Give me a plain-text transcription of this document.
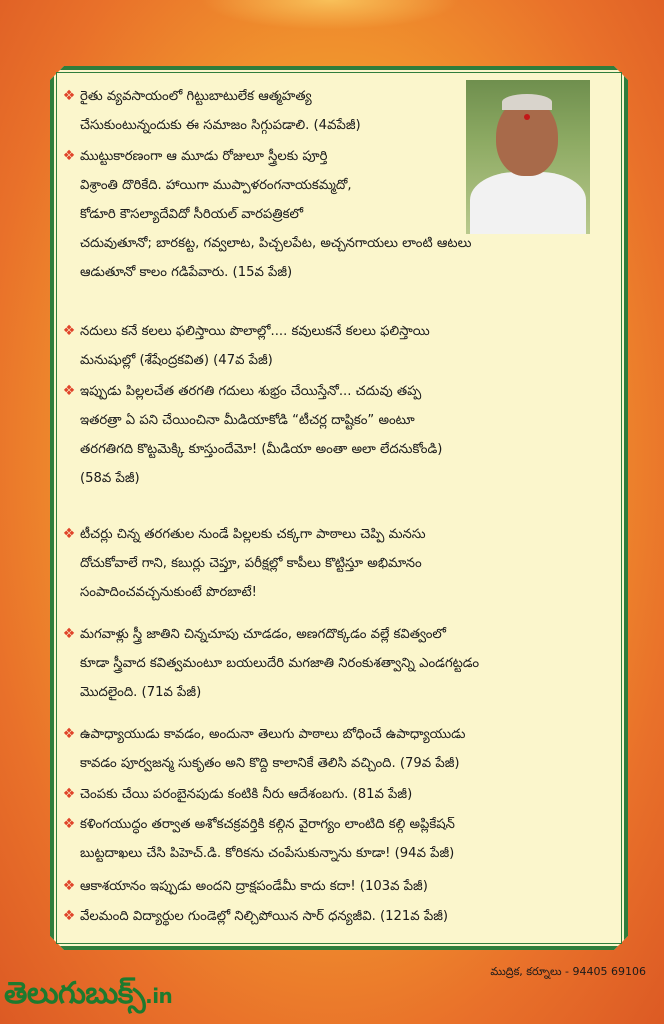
❖ రైతు వ్యవసాయంలో గిట్టుబాటులేక ఆత్మహత్య
చేసుకుంటున్నందుకు ఈ సమాజం సిగ్గుపడాలి. (4వపేజీ)
❖ ముట్టుకారణంగా ఆ మూడు రోజులూ స్త్రీలకు పూర్తి
విశ్రాంతి దొరికేది. హాయిగా ముప్పాళరంగనాయకమ్మదో,
కోడూరి కౌసల్యాదేవిదో సీరియల్ వారపత్రికలో
చదువుతూనో; బారకట్ట, గవ్వలాట, పిచ్చలపేట, అచ్చనగాయలు లాంటి ఆటలు
ఆడుతూనో కాలం గడిపేవారు. (15వ పేజీ)
❖ నదులు కనే కలలు ఫలిస్తాయి పొలాల్లో.... కవులుకనే కలలు ఫలిస్తాయి
మనుషుల్లో (శేషేంద్రకవిత) (47వ పేజీ)
❖ ఇప్పుడు పిల్లలచేత తరగతి గదులు శుభ్రం చేయిస్తేనో... చదువు తప్ప
ఇతరత్రా ఏ పని చేయించినా మీడియాకోడి “టీచర్ల దాష్టికం” అంటూ
తరగతిగది కొట్టమెక్కి కూస్తుందేమో! (మీడియా అంతా అలా లేదనుకోండి)
(58వ పేజీ)
❖ టీచర్లు చిన్న తరగతుల నుండే పిల్లలకు చక్కగా పాఠాలు చెప్పి మనసు
దోచుకోవాలే గాని, కబుర్లు చెప్తూ, పరీక్షల్లో కాపీలు కొట్టిస్తూ అభిమానం
సంపాదించవచ్చనుకుంటే పొరబాటే!
❖ మగవాళ్లు స్త్రీ జాతిని చిన్నచూపు చూడడం, అణగదొక్కడం వల్లే కవిత్వంలో
కూడా స్త్రీవాద కవిత్వమంటూ బయలుదేరి మగజాతి నిరంకుశత్వాన్ని ఎండగట్టడం
మొదలైంది. (71వ పేజీ)
❖ ఉపాధ్యాయుడు కావడం, అందునా తెలుగు పాఠాలు బోధించే ఉపాధ్యాయుడు
కావడం పూర్వజన్మ సుకృతం అని కొద్ది కాలానికే తెలిసి వచ్చింది. (79వ పేజీ)
❖ చెంపకు చేయి పరంబైనపుడు కంటికి నీరు ఆదేశంబగు. (81వ పేజీ)
❖ కళింగయుద్ధం తర్వాత అశోకచక్రవర్తికి కల్గిన వైరాగ్యం లాంటిది కల్గి అప్లికేషన్
బుట్టదాఖలు చేసి పిహెచ్.డి. కోరికను చంపేసుకున్నాను కూడా! (94వ పేజీ)
❖ ఆకాశయానం ఇప్పుడు అందని ద్రాక్షపండేమీ కాదు కదా! (103వ పేజీ)
❖ వేలమంది విద్యార్థుల గుండెల్లో నిల్చిపోయిన సార్ ధన్యజీవి. (121వ పేజీ)
ముద్రిక, కర్నూలు - 94405 69106
తెలుగుబుక్స్.in
